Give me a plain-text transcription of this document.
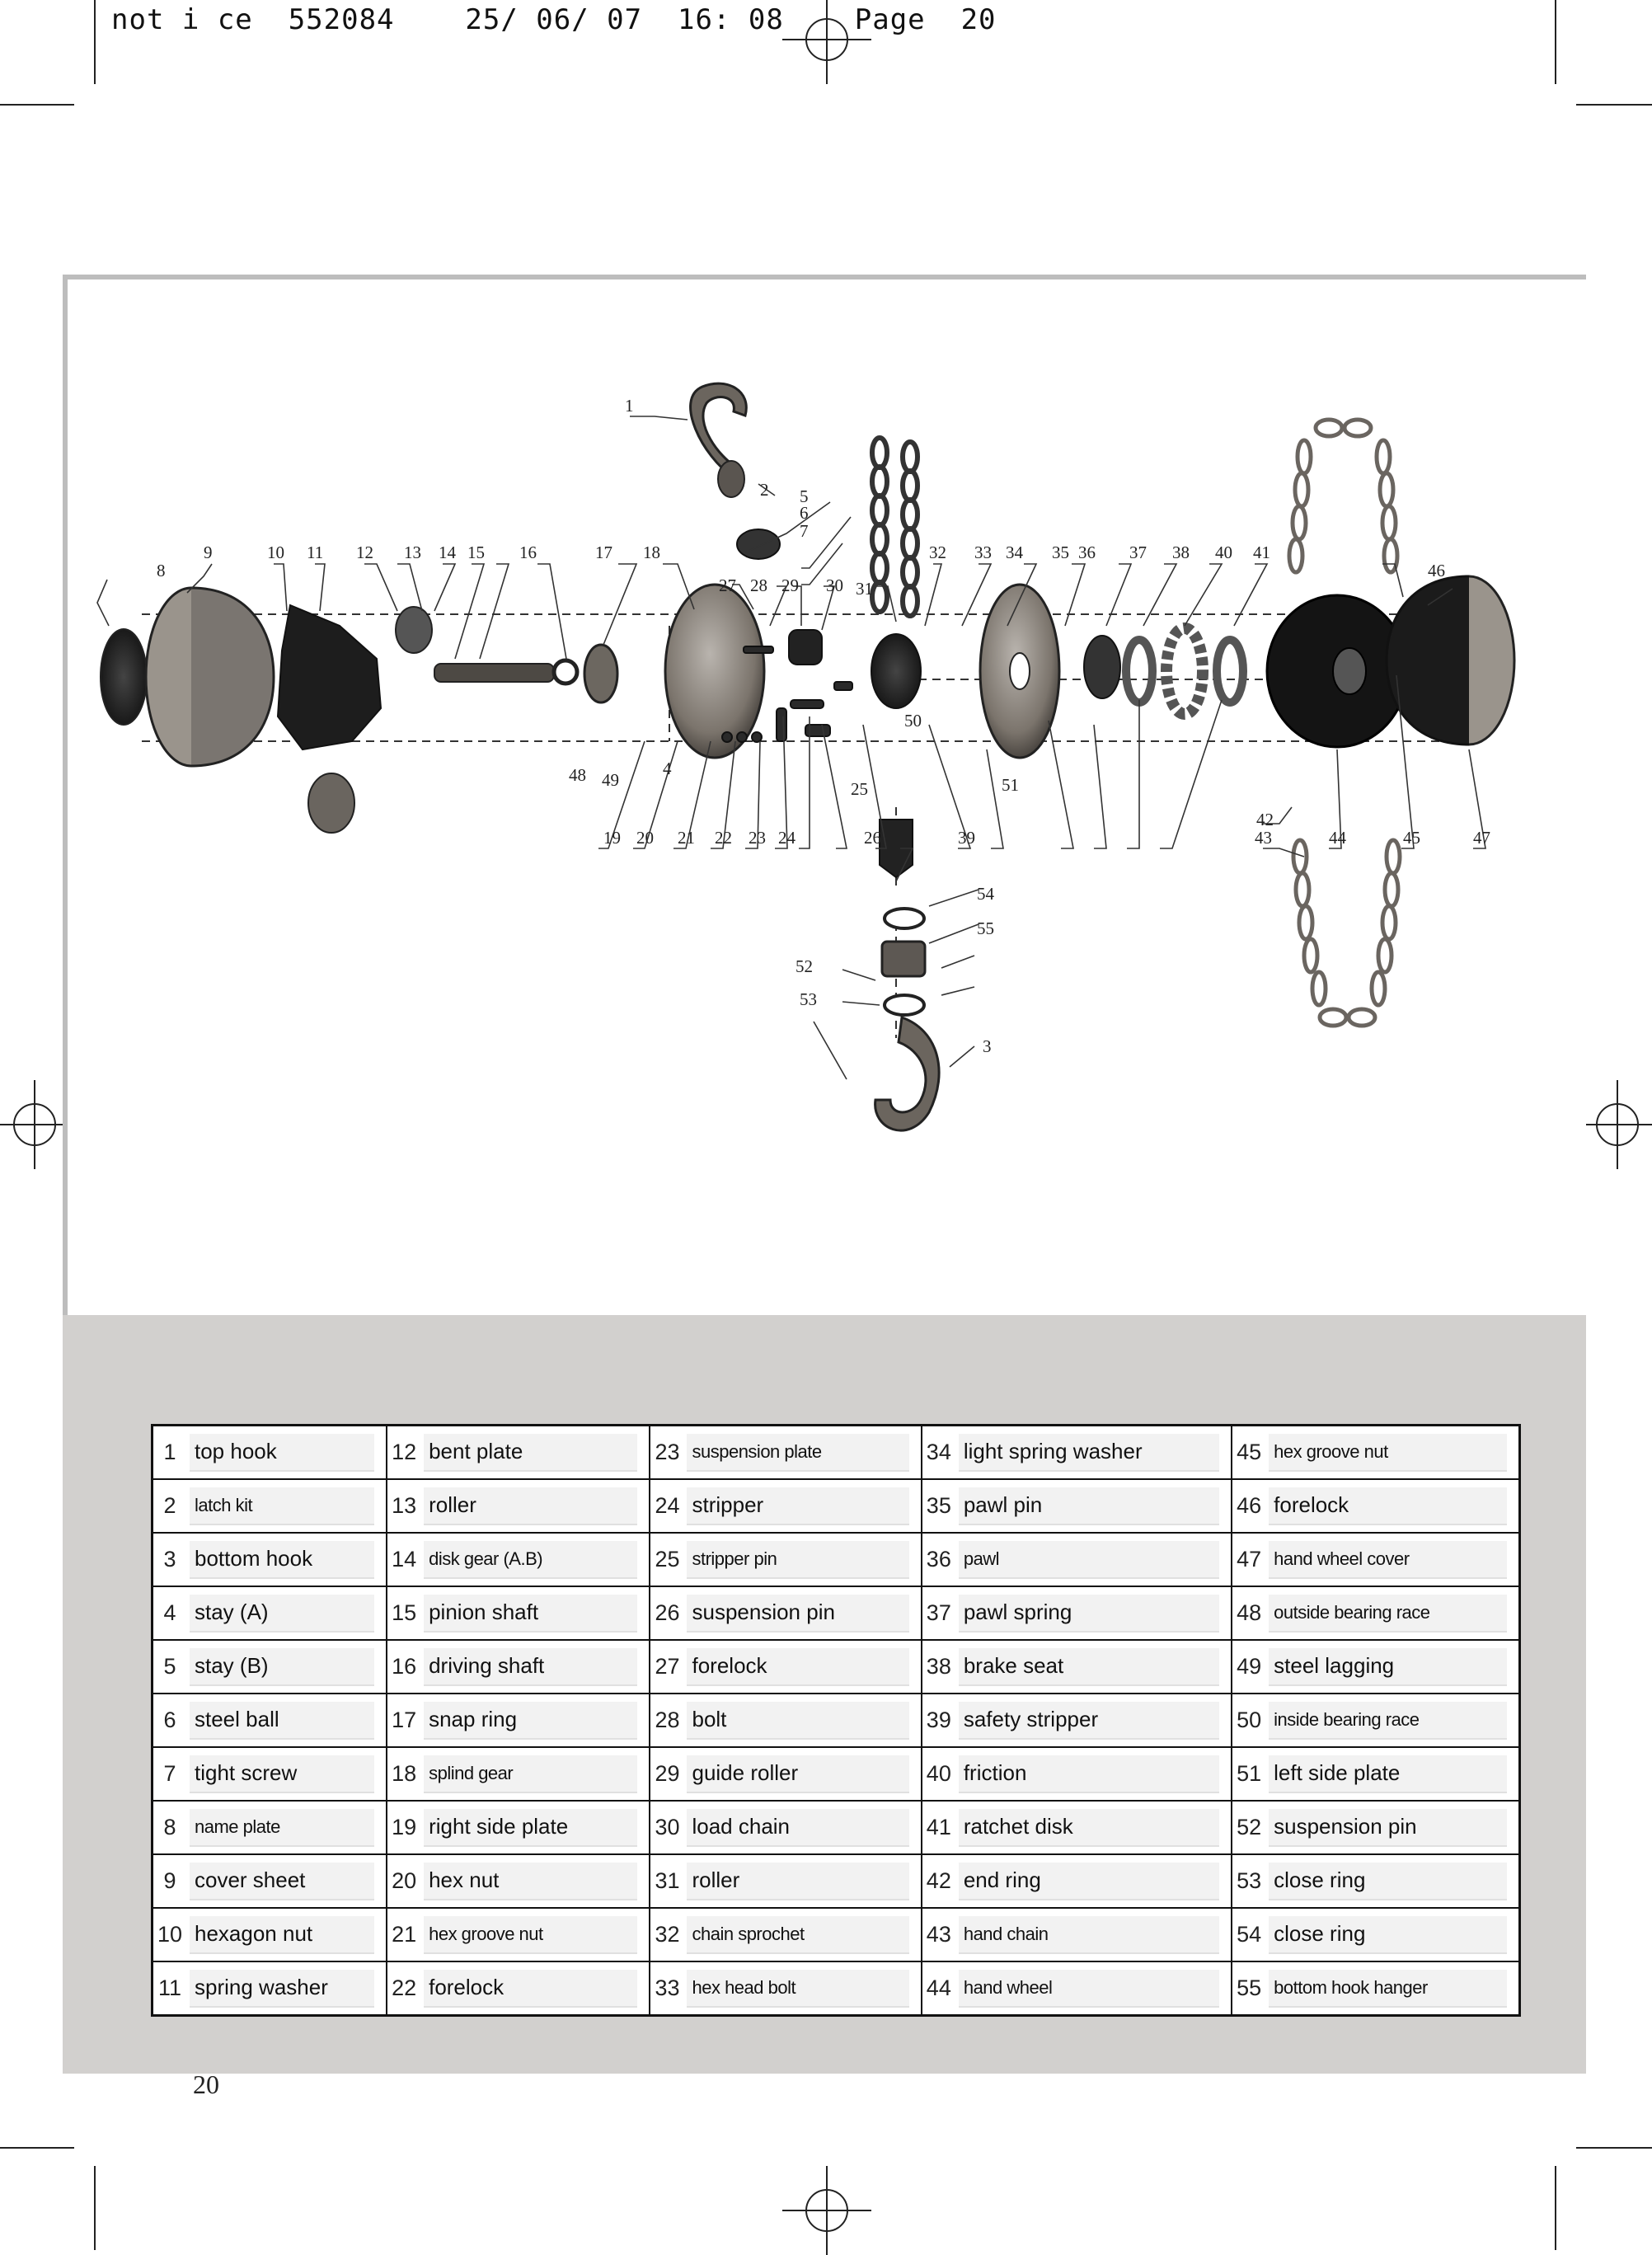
not i ce  552084	25/ 06/ 07  16: 08	Page  20
1
2
3
4
5
6
7
8
9	10 11 12 13 14 15 16	17 18
19 20 21 22 23 24
25
26
27 28 29 30 31
32 33 34 35 36 37 38
39
40 41
42
43	44	45
46
47
48 49
50
51
52
53
54
55
1 top hook	12 bent plate	23 suspension plate	34 light spring washer	45 hex groove nut

2 latch kit	13 roller	24 stripper	35 pawl pin	46 forelock

3 bottom hook	14 disk gear (A.B)	25 stripper pin	36 pawl	47 hand wheel cover

4 stay (A)	15 pinion shaft	26 suspension pin	37 pawl spring	48 outside bearing race

5 stay (B)	16 driving shaft	27 forelock	38 brake seat	49 steel lagging

6 steel ball	17 snap ring	28 bolt	39 safety stripper	50 inside bearing race

7 tight screw	18 splind gear	29 guide roller	40 friction	51 left side plate

8 name plate	19 right side plate	30 load chain	41 ratchet disk	52 suspension pin

9 cover sheet	20 hex nut	31 roller	42 end ring	53 close ring

10 hexagon nut	21 hex groove nut	32 chain sprochet	43 hand chain	54 close ring

11 spring washer	22 forelock	33 hex head bolt	44 hand wheel	55 bottom hook hanger
20
